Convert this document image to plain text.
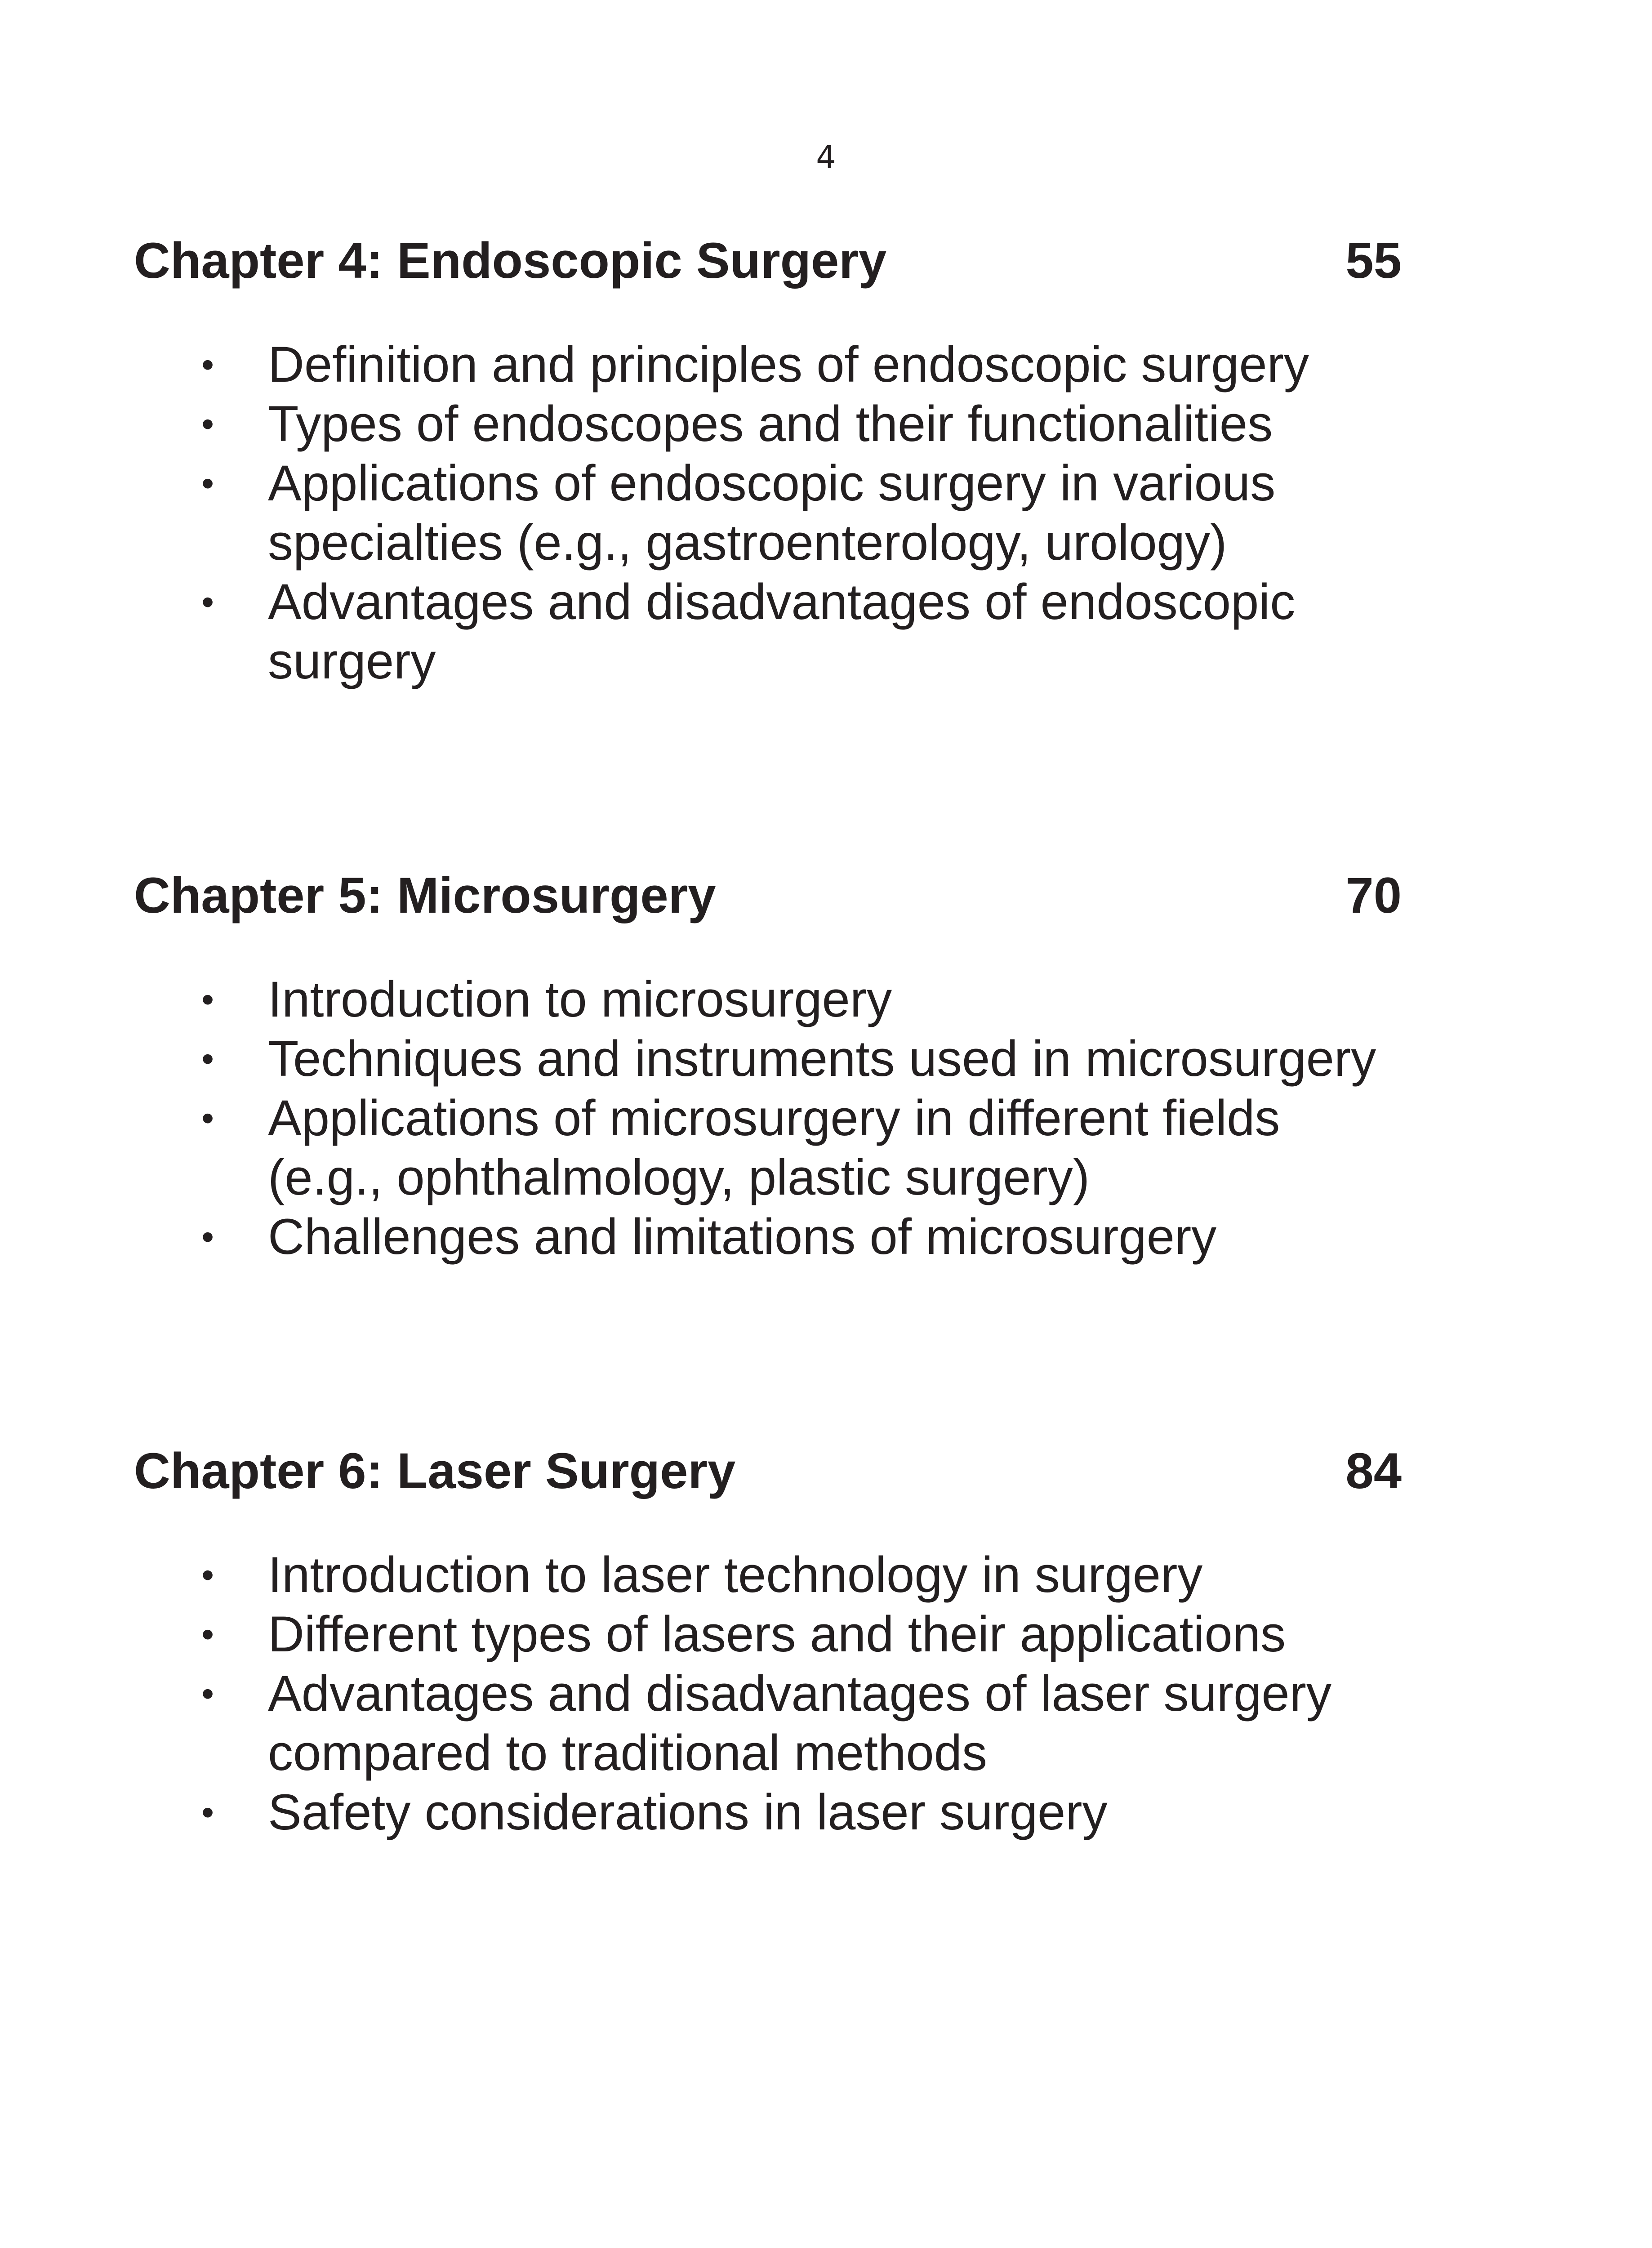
4
Chapter 4: Endoscopic Surgery	55
• Definition and principles of endoscopic surgery
• Types of endoscopes and their functionalities
• Applications of endoscopic surgery in various specialties (e.g., gastroenterology, urology)
• Advantages and disadvantages of endoscopic surgery
Chapter 5: Microsurgery	70
• Introduction to microsurgery
• Techniques and instruments used in microsurgery
• Applications of microsurgery in different fields (e.g., ophthalmology, plastic surgery)
• Challenges and limitations of microsurgery
Chapter 6: Laser Surgery	84
• Introduction to laser technology in surgery
• Different types of lasers and their applications
• Advantages and disadvantages of laser surgery compared to traditional methods
• Safety considerations in laser surgery
